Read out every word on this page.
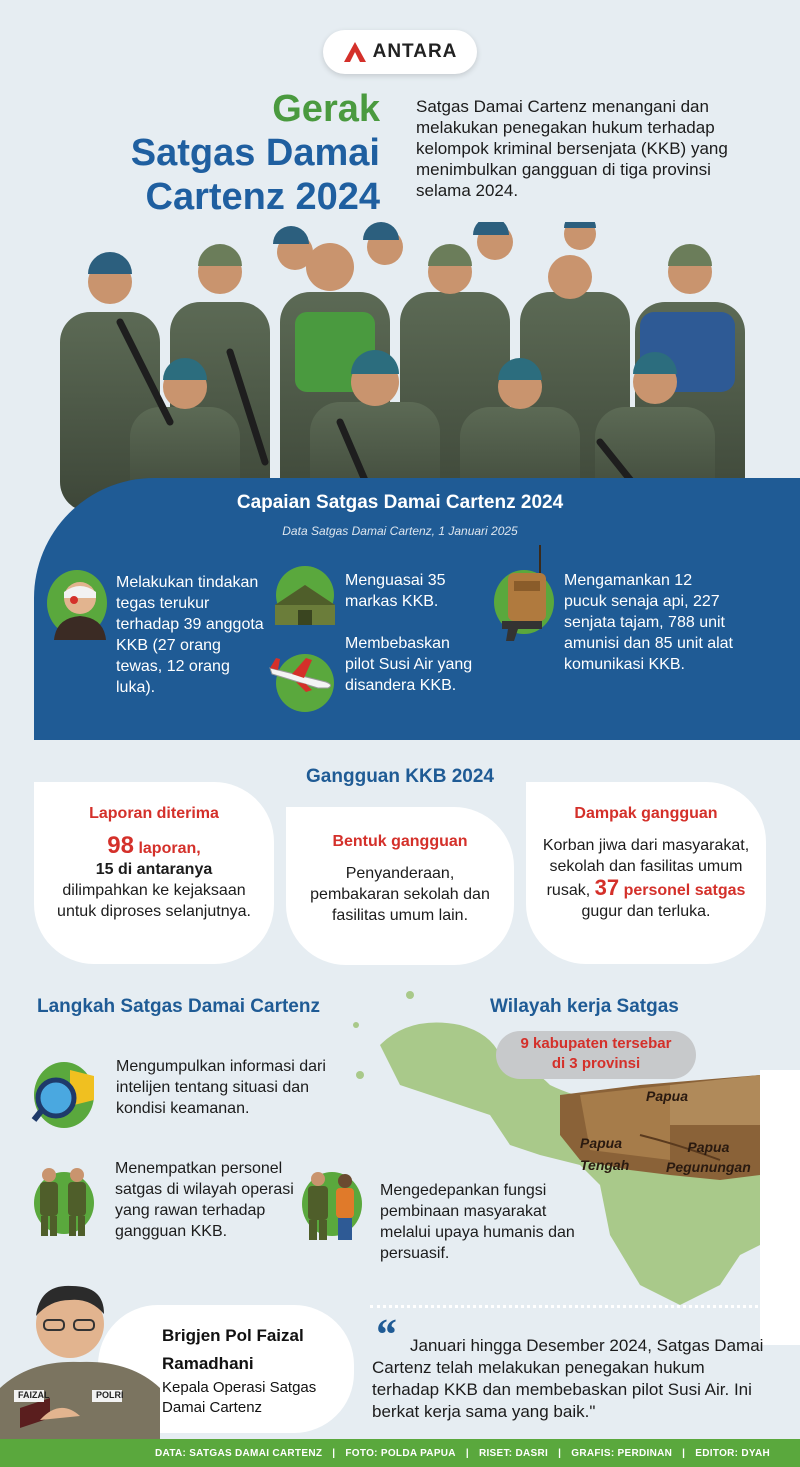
ANTARA
Gerak
Satgas Damai
Cartenz 2024
Satgas Damai Cartenz menangani dan melakukan penegakan hukum terhadap kelompok kriminal bersenjata (KKB) yang menimbulkan gangguan di tiga provinsi selama 2024.
Capaian Satgas Damai Cartenz 2024
Data Satgas Damai Cartenz, 1 Januari 2025
Melakukan tindakan tegas terukur terhadap 39 anggota KKB (27 orang tewas, 12 orang luka).
Menguasai 35 markas KKB.
Membebaskan pilot Susi Air yang disandera KKB.
Mengamankan 12 pucuk senaja api, 227 senjata tajam, 788 unit amunisi dan 85 unit alat komunikasi KKB.
Gangguan KKB 2024
Laporan diterima
98 laporan,
15 di antaranya
dilimpahkan ke kejaksaan untuk diproses selanjutnya.
Bentuk gangguan
Penyanderaan, pembakaran sekolah dan fasilitas umum lain.
Dampak gangguan
Korban jiwa dari masyarakat, sekolah dan fasilitas umum rusak, 37 personel satgas
gugur dan terluka.
9 kabupaten tersebar
di 3 provinsi
Wilayah kerja Satgas
Papua
Papua
Tengah
Papua
Pegunungan
Langkah Satgas Damai Cartenz
Mengumpulkan informasi dari intelijen tentang situasi dan kondisi keamanan.
Menempatkan personel satgas di wilayah operasi yang rawan terhadap gangguan KKB.
Mengedepankan fungsi pembinaan masyarakat melalui upaya humanis dan persuasif.
FAIZAL	POLRI
Brigjen Pol Faizal
Ramadhani
Kepala Operasi Satgas Damai Cartenz
“ Januari hingga Desember 2024, Satgas Damai Cartenz telah melakukan penegakan hukum terhadap KKB dan membebaskan pilot Susi Air. Ini berkat kerja sama yang baik."
DATA: SATGAS DAMAI CARTENZ | FOTO: POLDA PAPUA | RISET: DASRI | GRAFIS: PERDINAN | EDITOR: DYAH
